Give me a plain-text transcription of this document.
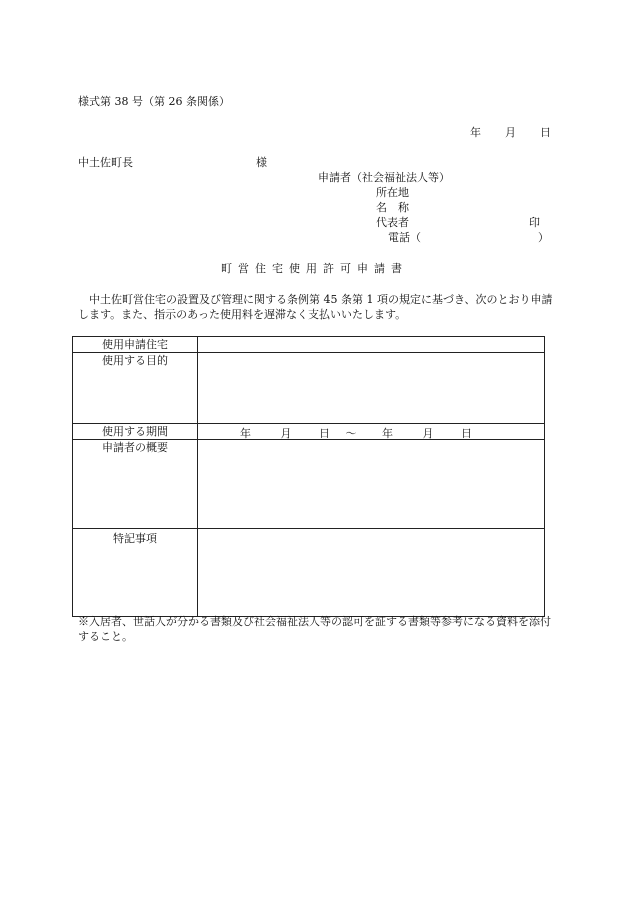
様式第 38 号（第 26 条関係）
年 月 日
中土佐町長	様
申請者（社会福祉法人等）
所在地
名　称
代表者	印
電話（	）
町営住宅使用許可申請書
中土佐町営住宅の設置及び管理に関する条例第 45 条第 1 項の規定に基づき、次のとおり申請します。また、指示のあった使用料を遅滞なく支払いいたします。
使用申請住宅	

使用する目的	

使用する期間	年 月 日 ～ 年 月 日

申請者の概要	

特記事項	

※入居者、世話人が分かる書類及び社会福祉法人等の認可を証する書類等参考になる資料を添付すること。
